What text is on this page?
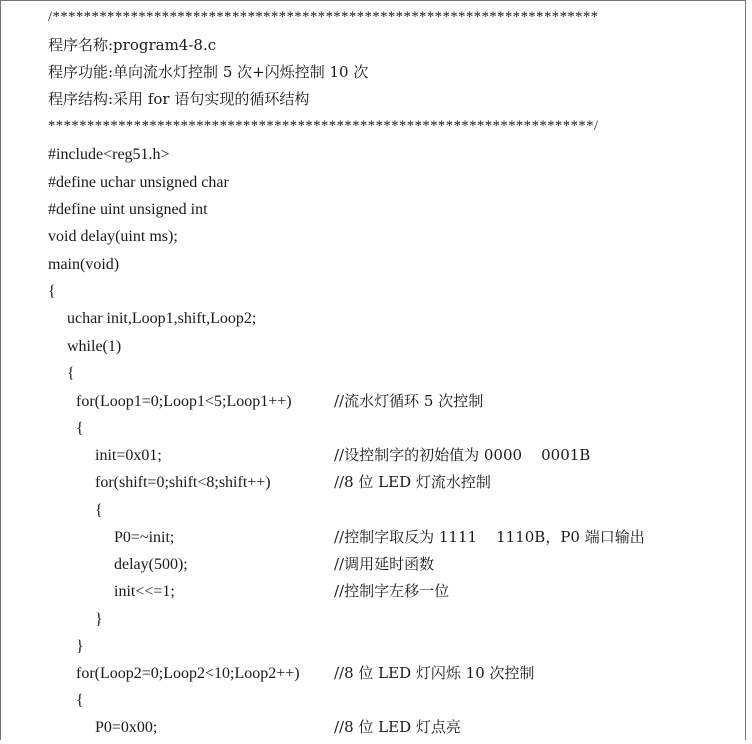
/**********************************************************************
程序名称:program4-8.c
程序功能:单向流水灯控制 5 次+闪烁控制 10 次
程序结构:采用 for 语句实现的循环结构
**********************************************************************/
#include<reg51.h>
#define uchar unsigned char
#define uint unsigned int
void delay(uint ms);
main(void)
{
uchar init,Loop1,shift,Loop2;
while(1)
{
for(Loop1=0;Loop1<5;Loop1++)	//流水灯循环 5 次控制
{
init=0x01;	//设控制字的初始值为 0000    0001B
for(shift=0;shift<8;shift++)	//8 位 LED 灯流水控制
{
P0=~init;	//控制字取反为 1111    1110B，P0 端口输出
delay(500);	//调用延时函数
init<<=1;	//控制字左移一位
}
}
for(Loop2=0;Loop2<10;Loop2++) //8 位 LED 灯闪烁 10 次控制
{
P0=0x00;	//8 位 LED 灯点亮
